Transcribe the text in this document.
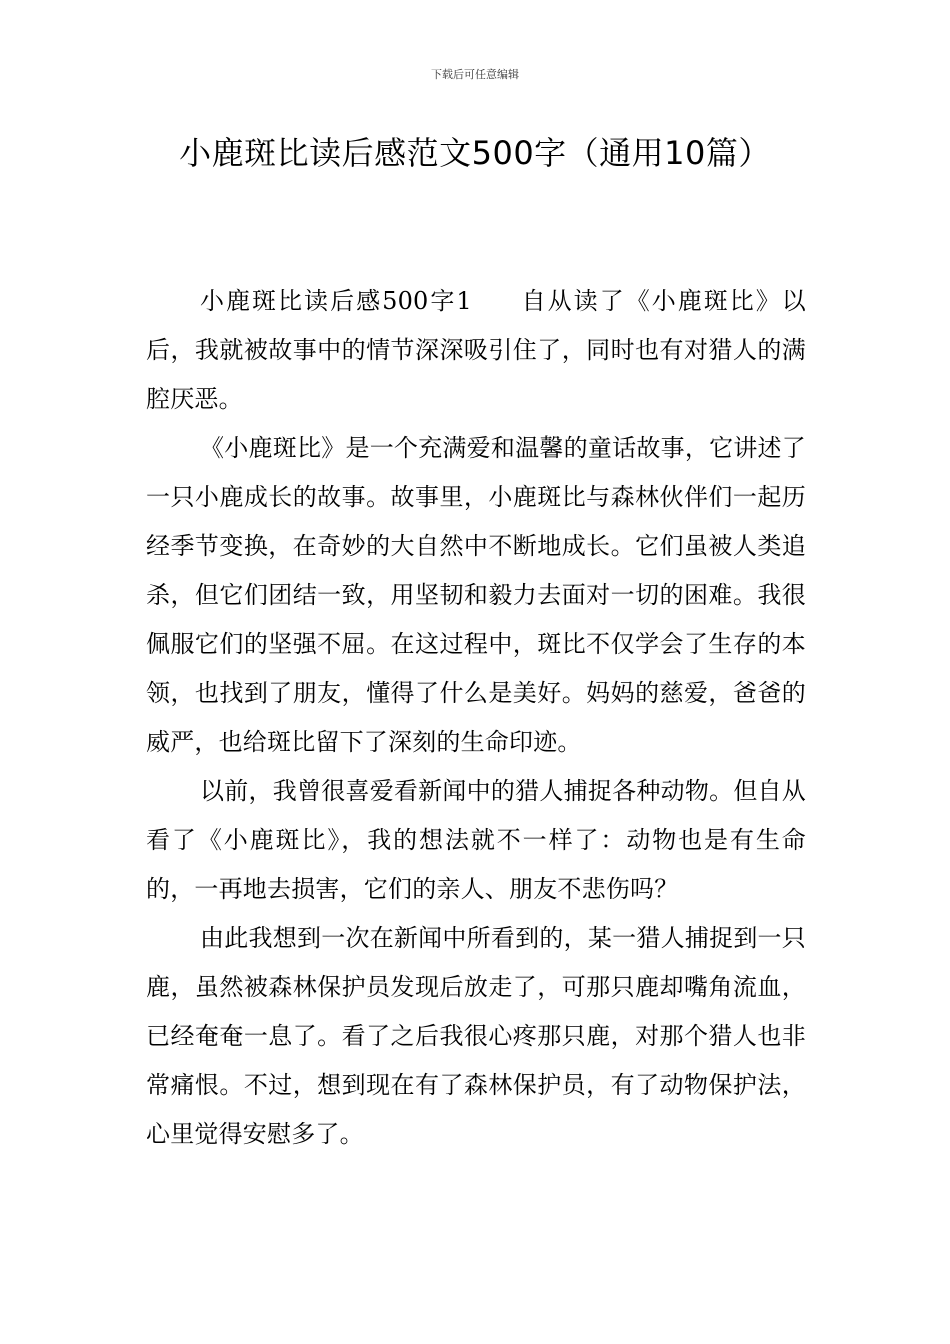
下载后可任意编辑
小鹿斑比读后感范文500字（通用10篇）

小鹿斑比读后感500字1 自从读了《小鹿斑比》以后，我就被故事中的情节深深吸引住了，同时也有对猎人的满腔厌恶。

《小鹿斑比》是一个充满爱和温馨的童话故事，它讲述了一只小鹿成长的故事。故事里，小鹿斑比与森林伙伴们一起历经季节变换，在奇妙的大自然中不断地成长。它们虽被人类追杀，但它们团结一致，用坚韧和毅力去面对一切的困难。我很佩服它们的坚强不屈。在这过程中，斑比不仅学会了生存的本领，也找到了朋友，懂得了什么是美好。妈妈的慈爱，爸爸的威严，也给斑比留下了深刻的生命印迹。

以前，我曾很喜爱看新闻中的猎人捕捉各种动物。但自从看了《小鹿斑比》，我的想法就不一样了：动物也是有生命的，一再地去损害，它们的亲人、朋友不悲伤吗？

由此我想到一次在新闻中所看到的，某一猎人捕捉到一只鹿，虽然被森林保护员发现后放走了，可那只鹿却嘴角流血，已经奄奄一息了。看了之后我很心疼那只鹿，对那个猎人也非常痛恨。不过，想到现在有了森林保护员，有了动物保护法，心里觉得安慰多了。
